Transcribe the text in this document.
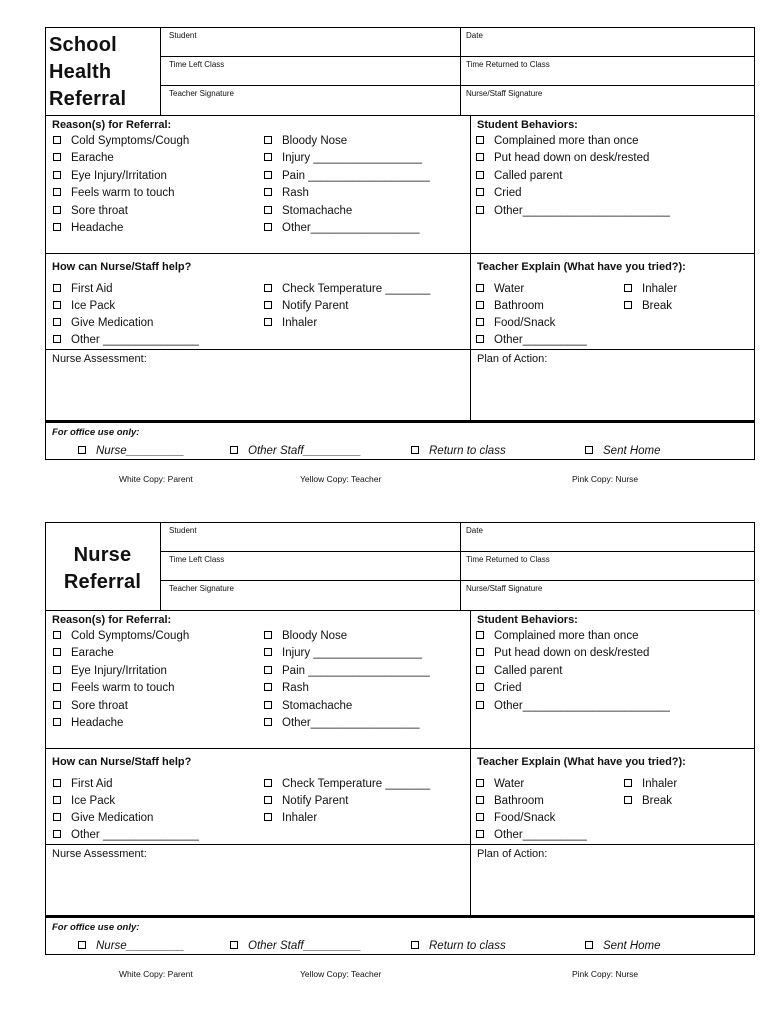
School
Health
Referral
Student	Date
Time Left Class	Time Returned to Class
Teacher Signature	Nurse/Staff Signature
Reason(s) for Referral:	Student Behaviors:
Cold Symptoms/Cough
Earache
Eye Injury/Irritation
Feels warm to touch
Sore throat
Headache
Bloody Nose
Injury _________________
Pain ___________________
Rash
Stomachache
Other_________________
Complained more than once
Put head down on desk/rested
Called parent
Cried
Other_______________________
How can Nurse/Staff help?	Teacher Explain (What have you tried?):
First Aid
Ice Pack
Give Medication
Other _______________
Check Temperature _______
Notify Parent
Inhaler
Water
Bathroom
Food/Snack
Other__________
Inhaler
Break
Nurse Assessment:	Plan of Action:
For office use only:
Nurse_________	Other Staff_________	Return to class	Sent Home
White Copy: Parent	Yellow Copy: Teacher	Pink Copy: Nurse
Nurse
Referral
Student	Date
Time Left Class	Time Returned to Class
Teacher Signature	Nurse/Staff Signature
Reason(s) for Referral:	Student Behaviors:
Cold Symptoms/Cough
Earache
Eye Injury/Irritation
Feels warm to touch
Sore throat
Headache
Bloody Nose
Injury _________________
Pain ___________________
Rash
Stomachache
Other_________________
Complained more than once
Put head down on desk/rested
Called parent
Cried
Other_______________________
How can Nurse/Staff help?	Teacher Explain (What have you tried?):
First Aid
Ice Pack
Give Medication
Other _______________
Check Temperature _______
Notify Parent
Inhaler
Water
Bathroom
Food/Snack
Other__________
Inhaler
Break
Nurse Assessment:	Plan of Action:
For office use only:
Nurse_________	Other Staff_________	Return to class	Sent Home
White Copy: Parent	Yellow Copy: Teacher	Pink Copy: Nurse
